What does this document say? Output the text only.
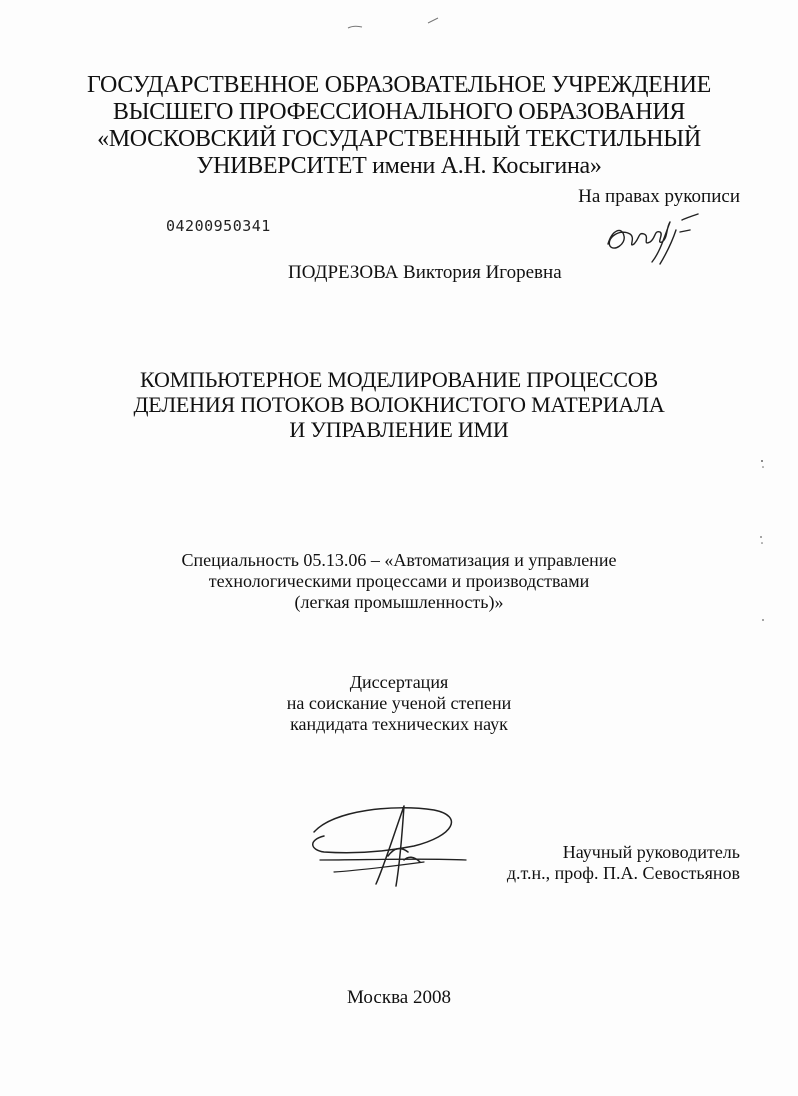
ГОСУДАРСТВЕННОЕ ОБРАЗОВАТЕЛЬНОЕ УЧРЕЖДЕНИЕ
ВЫСШЕГО ПРОФЕССИОНАЛЬНОГО ОБРАЗОВАНИЯ
«МОСКОВСКИЙ ГОСУДАРСТВЕННЫЙ ТЕКСТИЛЬНЫЙ
УНИВЕРСИТЕТ имени А.Н. Косыгина»
На правах рукописи
04200950341
ПОДРЕЗОВА Виктория Игоревна
КОМПЬЮТЕРНОЕ МОДЕЛИРОВАНИЕ ПРОЦЕССОВ
ДЕЛЕНИЯ ПОТОКОВ ВОЛОКНИСТОГО МАТЕРИАЛА
И УПРАВЛЕНИЕ ИМИ
Специальность 05.13.06 – «Автоматизация и управление
технологическими процессами и производствами
(легкая промышленность)»
Диссертация
на соискание ученой степени
кандидата технических наук
Научный руководитель
д.т.н., проф. П.А. Севостьянов
Москва 2008
